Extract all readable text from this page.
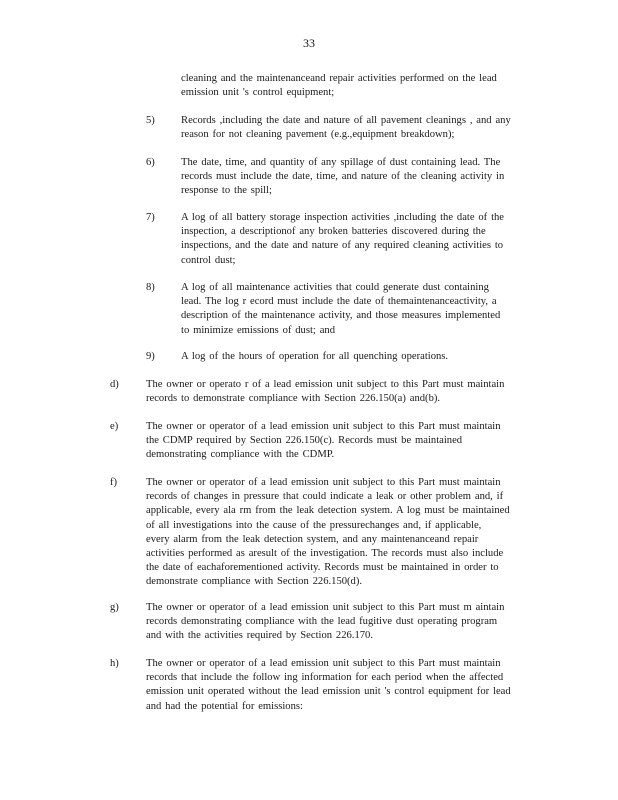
33
cleaning and the maintenanceand repair activities performed on the lead
emission unit 's control equipment;
5) Records ,including the date and nature of all pavement cleanings , and any
reason for not cleaning pavement (e.g.,equipment breakdown);
6) The date, time, and quantity of any spillage of dust containing lead. The
records must include the date, time, and nature of the cleaning activity in
response to the spill;
7) A log of all battery storage inspection activities ,including the date of the
inspection, a descriptionof any broken batteries discovered during the
inspections, and the date and nature of any required cleaning activities to
control dust;
8) A log of all maintenance activities that could generate dust containing
lead. The log r ecord must include the date of themaintenanceactivity, a
description of the maintenance activity, and those measures implemented
to minimize emissions of dust; and
9) A log of the hours of operation for all quenching operations.
d)	The owner or operato r of a lead emission unit subject to this Part must maintain
records to demonstrate compliance with Section 226.150(a) and(b).
e)	The owner or operator of a lead emission unit subject to this Part must maintain
the CDMP required by Section 226.150(c). Records must be maintained
demonstrating compliance with the CDMP.
f)	The owner or operator of a lead emission unit subject to this Part must maintain
records of changes in pressure that could indicate a leak or other problem and, if
applicable, every ala rm from the leak detection system. A log must be maintained
of all investigations into the cause of the pressurechanges and, if applicable,
every alarm from the leak detection system, and any maintenanceand repair
activities performed as aresult of the investigation. The records must also include
the date of eachaforementioned activity. Records must be maintained in order to
demonstrate compliance with Section 226.150(d).
g)	The owner or operator of a lead emission unit subject to this Part must m aintain
records demonstrating compliance with the lead fugitive dust operating program
and with the activities required by Section 226.170.
h)	The owner or operator of a lead emission unit subject to this Part must maintain
records that include the follow ing information for each period when the affected
emission unit operated without the lead emission unit 's control equipment for lead
and had the potential for emissions:
